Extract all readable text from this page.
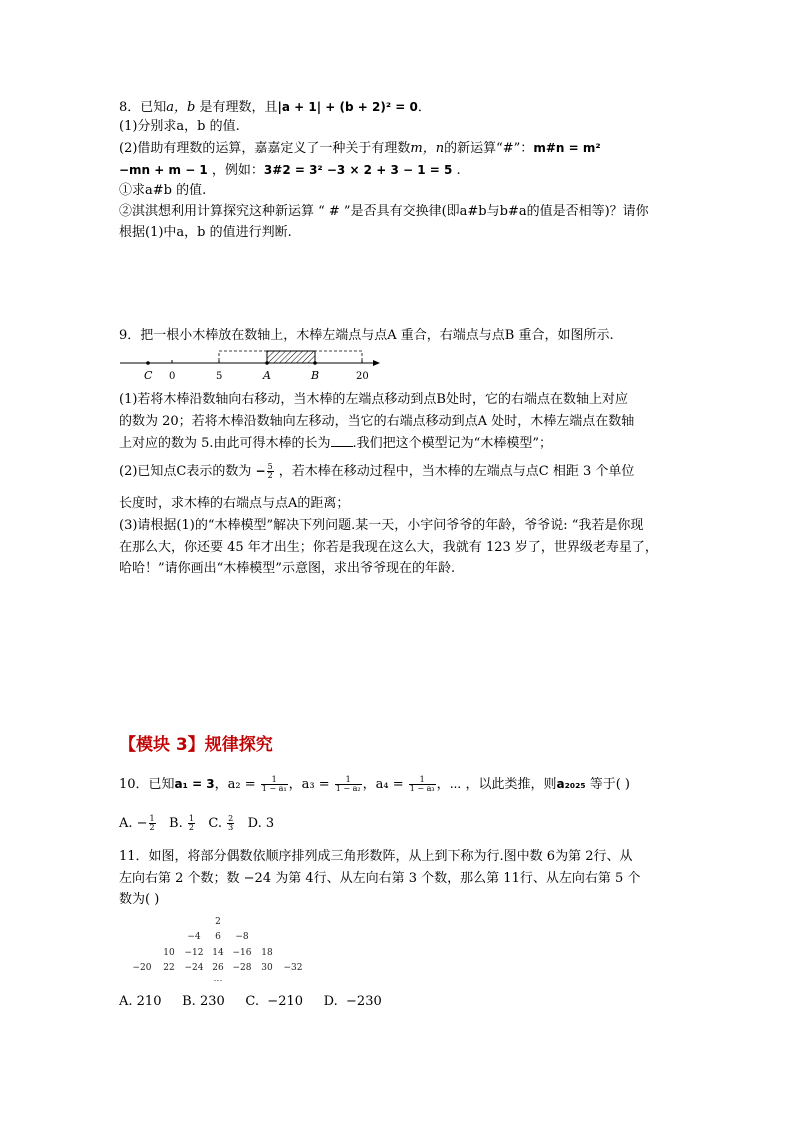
8．已知a，b 是有理数，且|a + 1| + (b + 2)² = 0．
(1)分别求a，b 的值.
(2)借助有理数的运算，嘉嘉定义了一种关于有理数m，n的新运算“#”：m#n = m²
−mn + m − 1 ，例如：3#2 = 3² −3 × 2 + 3 − 1 = 5 .
①求a#b 的值.
②淇淇想利用计算探究这种新运算 “ # ”是否具有交换律(即a#b与b#a的值是否相等)？请你
根据(1)中a，b 的值进行判断.
9．把一根小木棒放在数轴上，木棒左端点与点A 重合，右端点与点B 重合，如图所示.
C 0	5	A	B	20
(1)若将木棒沿数轴向右移动，当木棒的左端点移动到点B处时，它的右端点在数轴上对应
的数为 20；若将木棒沿数轴向左移动，当它的右端点移动到点A 处时，木棒左端点在数轴
上对应的数为 5.由此可得木棒的长为 .我们把这个模型记为“木棒模型”；
(2)已知点C表示的数为 − $\frac{5}{2}$ ，若木棒在移动过程中，当木棒的左端点与点C 相距 3 个单位
长度时，求木棒的右端点与点A的距离；
(3)请根据(1)的“木棒模型”解决下列问题.某一天，小宇问爷爷的年龄，爷爷说: “我若是你现
在那么大，你还要 45 年才出生；你若是我现在这么大，我就有 123 岁了，世界级老寿星了，
哈哈！”请你画出“木棒模型”示意图，求出爷爷现在的年龄.
【模块 3】规律探究
10．已知a₁ = 3，$a_2 = \frac{1}{\text{1 − a₁}}$ ，$a_3 = \frac{1}{\text{1 − a₂}}$ ，$a_4 = \frac{1}{\text{1 − a₃}}$ ，⋯ ，以此类推，则a₂₀₂₅ 等于( )
A. − $\frac{1}{2} B$. $\frac{1}{2} C$. $\frac{2}{3} D$. 3
11．如图，将部分偶数依顺序排列成三角形数阵，从上到下称为行.图中数 6为第 2行、从
左向右第 2 个数；数 −24 为第 4行、从左向右第 3 个数，那么第 11行、从左向右第 5 个
数为( )
2
−4 6 −8
10 −12 14 −16 18
−20 22 −24 26 −28 30 −32
⋯
A. 210     B. 230     C.  −210     D.  −230
